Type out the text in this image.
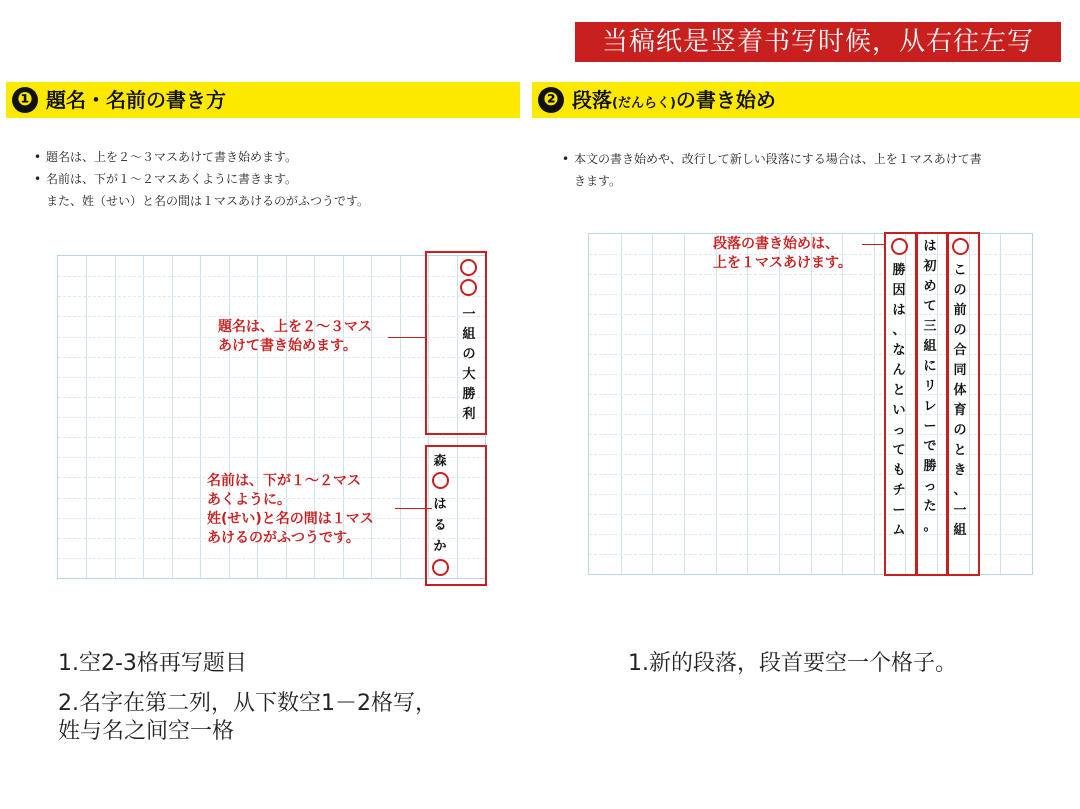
当稿纸是竖着书写时候，从右往左写
❶ 題名・名前の書き方	❷ 段落(だんらく)の書き始め
• 題名は、上を２～３マスあけて書き始めます。
• 名前は、下が１～２マスあくように書きます。
また、姓（せい）と名の間は１マスあけるのがふつうです。
• 本文の書き始めや、改行して新しい段落にする場合は、上を１マスあけて書
きます。
一
組
の
大
勝
利
森
は
る
か
題名は、上を２～３マス
あけて書き始めます。
名前は、下が１～２マス
あくように。
姓(せい)と名の間は１マス
あけるのがふつうです。
は
初
め
て
三
組
に
リ
レ
ー
で
勝
っ
た
。
勝
因
は
、
な
ん
と
い
っ
て
も
チ
ー
ム
こ
の
前
の
合
同
体
育
の
と
き
、
一
組
段落の書き始めは、
上を１マスあけます。
1.空2-3格再写题目
2.名字在第二列，从下数空1－2格写，
姓与名之间空一格
1.新的段落，段首要空一个格子。
